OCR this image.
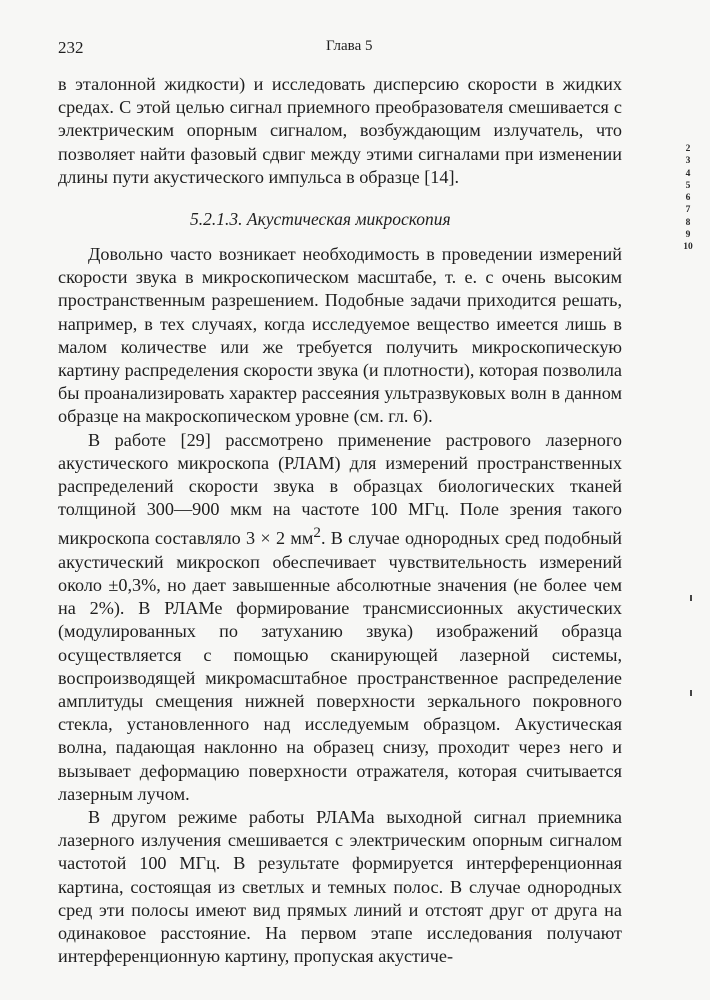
232	Глава 5

в эталонной жидкости) и исследовать дисперсию скорости в жидких средах. С этой целью сигнал приемного преобразователя смешивается с электрическим опорным сигналом, возбуждающим излучатель, что позволяет найти фазовый сдвиг между этими сигналами при изменении длины пути акустического импульса в образце [14].

5.2.1.3. Акустическая микроскопия

Довольно часто возникает необходимость в проведении измерений скорости звука в микроскопическом масштабе, т. е. с очень высоким пространственным разрешением. Подобные задачи приходится решать, например, в тех случаях, когда исследуемое вещество имеется лишь в малом количестве или же требуется получить микроскопическую картину распределения скорости звука (и плотности), которая позволила бы проанализировать характер рассеяния ультразвуковых волн в данном образце на макроскопическом уровне (см. гл. 6).

В работе [29] рассмотрено применение растрового лазерного акустического микроскопа (РЛАМ) для измерений пространственных распределений скорости звука в образцах биологических тканей толщиной 300—900 мкм на частоте 100 МГц. Поле зрения такого микроскопа составляло 3 × 2 $мм^2$. В случае однородных сред подобный акустический микроскоп обеспечивает чувствительность измерений около ±0,3%, но дает завышенные абсолютные значения (не более чем на 2%). В РЛАМе формирование трансмиссионных акустических (модулированных по затуханию звука) изображений образца осуществляется с помощью сканирующей лазерной системы, воспроизводящей микромасштабное пространственное распределение амплитуды смещения нижней поверхности зеркального покровного стекла, установленного над исследуемым образцом. Акустическая волна, падающая наклонно на образец снизу, проходит через него и вызывает деформацию поверхности отражателя, которая считывается лазерным лучом.

В другом режиме работы РЛАМа выходной сигнал приемника лазерного излучения смешивается с электрическим опорным сигналом частотой 100 МГц. В результате формируется интерференционная картина, состоящая из светлых и темных полос. В случае однородных сред эти полосы имеют вид прямых линий и отстоят друг от друга на одинаковое расстояние. На первом этапе исследования получают интерференционную картину, пропуская акустиче-

2
3
4
5
6
7
8
9
10
